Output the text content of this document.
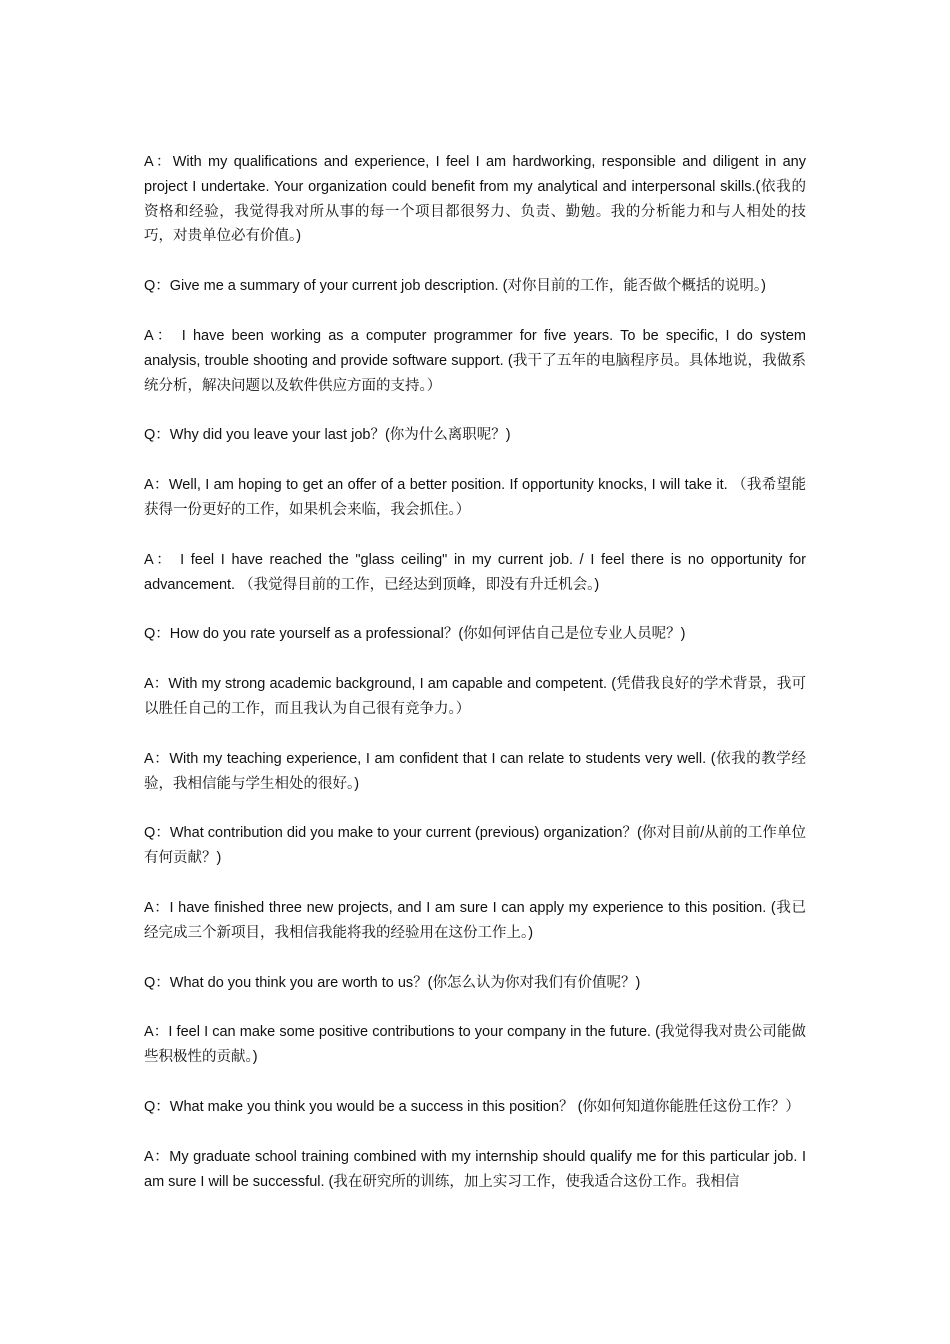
A：With my qualifications and experience, I feel I am hardworking, responsible and diligent in any project I undertake. Your organization could benefit from my analytical and interpersonal skills.(依我的资格和经验，我觉得我对所从事的每一个项目都很努力、负责、勤勉。我的分析能力和与人相处的技巧，对贵单位必有价值。)

Q：Give me a summary of your current job description. (对你目前的工作，能否做个概括的说明。)

A： I have been working as a computer programmer for five years. To be specific, I do system analysis, trouble shooting and provide software support. (我干了五年的电脑程序员。具体地说，我做系统分析，解决问题以及软件供应方面的支持。）

Q：Why did you leave your last job？(你为什么离职呢？)

A：Well, I am hoping to get an offer of a better position. If opportunity knocks, I will take it. （我希望能获得一份更好的工作，如果机会来临，我会抓住。）

A： I feel I have reached the "glass ceiling" in my current job. / I feel there is no opportunity for advancement. （我觉得目前的工作，已经达到顶峰，即没有升迁机会。)

Q：How do you rate yourself as a professional？(你如何评估自己是位专业人员呢？)

A：With my strong academic background, I am capable and competent. (凭借我良好的学术背景，我可以胜任自己的工作，而且我认为自己很有竞争力。）

A：With my teaching experience, I am confident that I can relate to students very well. (依我的教学经验，我相信能与学生相处的很好。)

Q：What contribution did you make to your current (previous) organization？(你对目前/从前的工作单位有何贡献？)

A：I have finished three new projects, and I am sure I can apply my experience to this position. (我已经完成三个新项目，我相信我能将我的经验用在这份工作上。)

Q：What do you think you are worth to us？(你怎么认为你对我们有价值呢？)

A：I feel I can make some positive contributions to your company in the future. (我觉得我对贵公司能做些积极性的贡献。)

Q：What make you think you would be a success in this position？ (你如何知道你能胜任这份工作？）

A：My graduate school training combined with my internship should qualify me for this particular job. I am sure I will be successful. (我在研究所的训练，加上实习工作，使我适合这份工作。我相信
